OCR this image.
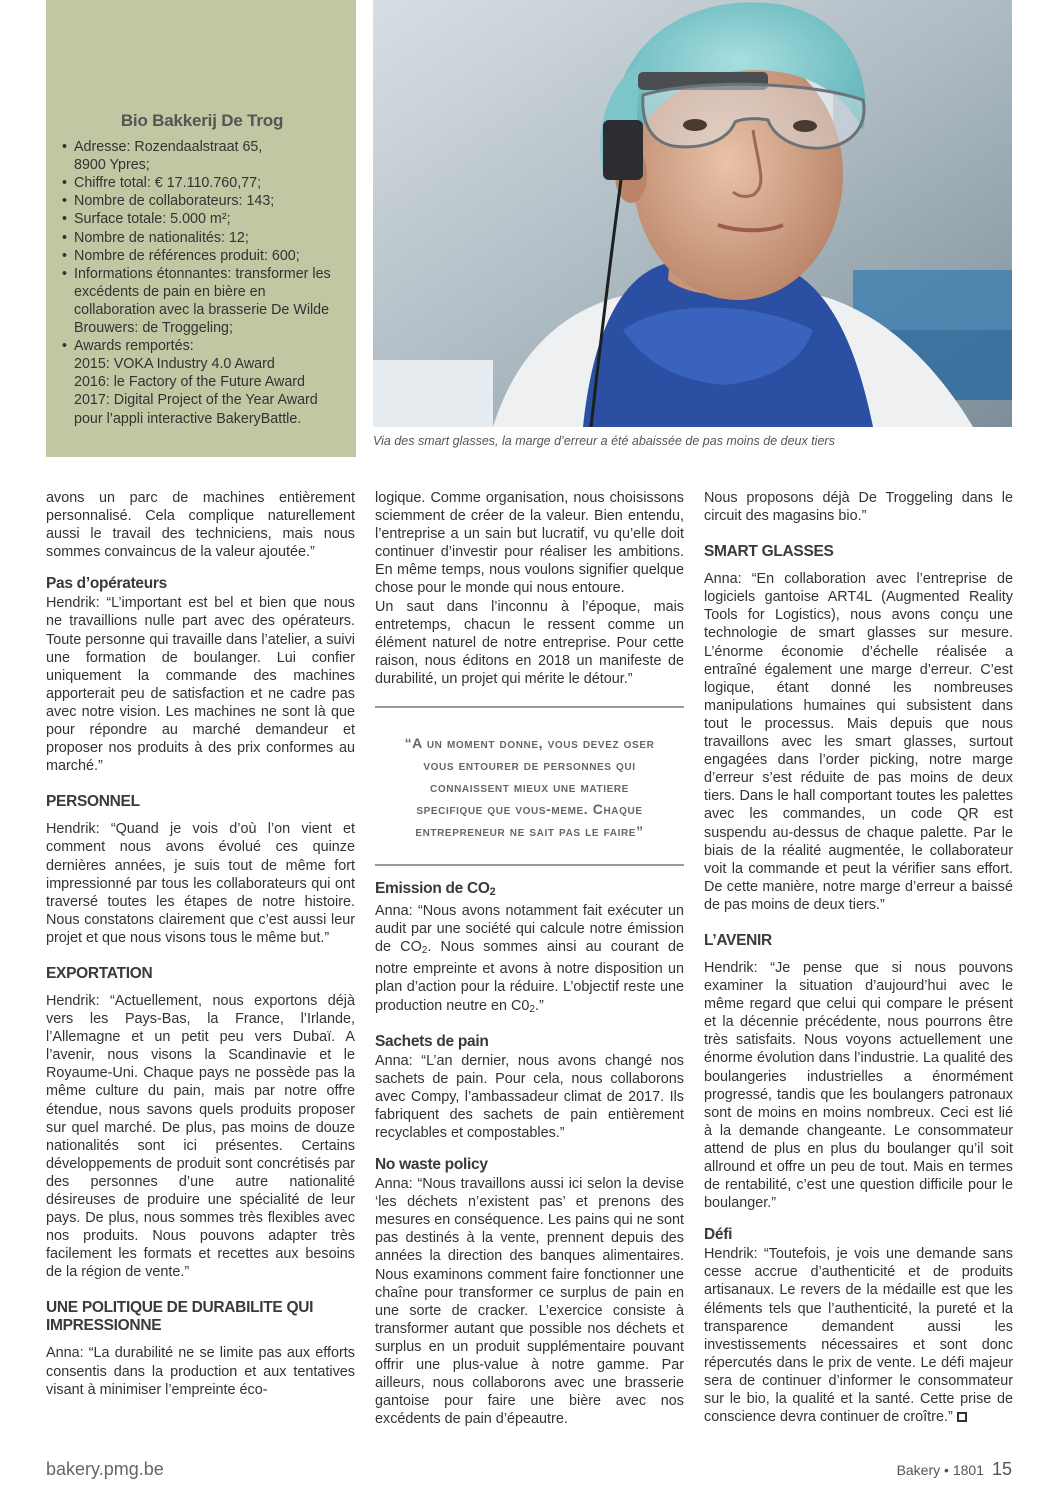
Bio Bakkerij De Trog
• Adresse: Rozendaalstraat 65,
8900 Ypres;
• Chiffre total: € 17.110.760,77;
• Nombre de collaborateurs: 143;
• Surface totale: 5.000 m²;
• Nombre de nationalités: 12;
• Nombre de références produit: 600;
• Informations étonnantes: transformer les excédents de pain en bière en collaboration avec la brasserie De Wilde Brouwers: de Troggeling;
• Awards remportés:
2015: VOKA Industry 4.0 Award
2016: le Factory of the Future Award
2017: Digital Project of the Year Award pour l’appli interactive BakeryBattle.
Via des smart glasses, la marge d’erreur a été abaissée de pas moins de deux tiers

avons un parc de machines entièrement personnalisé. Cela complique naturellement aussi le travail des techniciens, mais nous sommes convaincus de la valeur ajoutée.”

Pas d’opérateurs

Hendrik: “L’important est bel et bien que nous ne travaillions nulle part avec des opérateurs. Toute personne qui travaille dans l’atelier, a suivi une formation de boulanger. Lui confier uniquement la commande des machines apporterait peu de satisfaction et ne cadre pas avec notre vision. Les machines ne sont là que pour répondre au marché demandeur et proposer nos produits à des prix conformes au marché.”

PERSONNEL

Hendrik: “Quand je vois d’où l’on vient et comment nous avons évolué ces quinze dernières années, je suis tout de même fort impressionné par tous les collaborateurs qui ont traversé toutes les étapes de notre histoire. Nous constatons clairement que c’est aussi leur projet et que nous visons tous le même but.”

EXPORTATION

Hendrik: “Actuellement, nous exportons déjà vers les Pays-Bas, la France, l’Irlande, l’Allemagne et un petit peu vers Dubaï. A l’avenir, nous visons la Scandinavie et le Royaume-Uni. Chaque pays ne possède pas la même culture du pain, mais par notre offre étendue, nous savons quels produits proposer sur quel marché. De plus, pas moins de douze nationalités sont ici présentes. Certains développements de produit sont concrétisés par des personnes d’une autre nationalité désireuses de produire une spécialité de leur pays. De plus, nous sommes très flexibles avec nos produits. Nous pouvons adapter très facilement les formats et recettes aux besoins de la région de vente.”

UNE POLITIQUE DE DURABILITE QUI IMPRESSIONNE

Anna: “La durabilité ne se limite pas aux efforts consentis dans la production et aux tentatives visant à minimiser l’empreinte éco-

logique. Comme organisation, nous choisissons sciemment de créer de la valeur. Bien entendu, l’entreprise a un sain but lucratif, vu qu’elle doit continuer d’investir pour réaliser les ambitions. En même temps, nous voulons signifier quelque chose pour le monde qui nous entoure.

Un saut dans l’inconnu à l’époque, mais entretemps, chacun le ressent comme un élément naturel de notre entreprise. Pour cette raison, nous éditons en 2018 un manifeste de durabilité, un projet qui mérite le détour.”

“A un moment donne, vous devez oser vous entourer de personnes qui connaissent mieux une matiere specifique que vous-meme. Chaque entrepreneur ne sait pas le faire”
Emission de $CO_2$

Anna: “Nous avons notamment fait exécuter un audit par une société qui calcule notre émission de $CO_2$. Nous sommes ainsi au courant de notre empreinte et avons à notre disposition un plan d’action pour la réduire. L’objectif reste une production neutre en $C0_2$.”

Sachets de pain

Anna: “L’an dernier, nous avons changé nos sachets de pain. Pour cela, nous collaborons avec Compy, l’ambassadeur climat de 2017. Ils fabriquent des sachets de pain entièrement recyclables et compostables.”

No waste policy

Anna: “Nous travaillons aussi ici selon la devise ‘les déchets n’existent pas’ et prenons des mesures en conséquence. Les pains qui ne sont pas destinés à la vente, prennent depuis des années la direction des banques alimentaires. Nous examinons comment faire fonctionner une chaîne pour transformer ce surplus de pain en une sorte de cracker. L’exercice consiste à transformer autant que possible nos déchets et surplus en un produit supplémentaire pouvant offrir une plus-value à notre gamme. Par ailleurs, nous collaborons avec une brasserie gantoise pour faire une bière avec nos excédents de pain d’épeautre.

Nous proposons déjà De Troggeling dans le circuit des magasins bio.”

SMART GLASSES

Anna: “En collaboration avec l’entreprise de logiciels gantoise ART4L (Augmented Reality Tools for Logistics), nous avons conçu une technologie de smart glasses sur mesure. L’énorme économie d’échelle réalisée a entraîné également une marge d’erreur. C’est logique, étant donné les nombreuses manipulations humaines qui subsistent dans tout le processus. Mais depuis que nous travaillons avec les smart glasses, surtout engagées dans l’order picking, notre marge d’erreur s’est réduite de pas moins de deux tiers. Dans le hall comportant toutes les palettes avec les commandes, un code QR est suspendu au-dessus de chaque palette. Par le biais de la réalité augmentée, le collaborateur voit la commande et peut la vérifier sans effort. De cette manière, notre marge d’erreur a baissé de pas moins de deux tiers.”

L’AVENIR

Hendrik: “Je pense que si nous pouvons examiner la situation d’aujourd’hui avec le même regard que celui qui compare le présent et la décennie précédente, nous pourrons être très satisfaits. Nous voyons actuellement une énorme évolution dans l’industrie. La qualité des boulangeries industrielles a énormément progressé, tandis que les boulangers patronaux sont de moins en moins nombreux. Ceci est lié à la demande changeante. Le consommateur attend de plus en plus du boulanger qu’il soit allround et offre un peu de tout. Mais en termes de rentabilité, c’est une question difficile pour le boulanger.”

Défi

Hendrik: “Toutefois, je vois une demande sans cesse accrue d’authenticité et de produits artisanaux. Le revers de la médaille est que les éléments tels que l’authenticité, la pureté et la transparence demandent aussi les investissements nécessaires et sont donc répercutés dans le prix de vente. Le défi majeur sera de continuer d’informer le consommateur sur le bio, la qualité et la santé. Cette prise de conscience devra continuer de croître.”

bakery.pmg.be	Bakery • 1801 15
